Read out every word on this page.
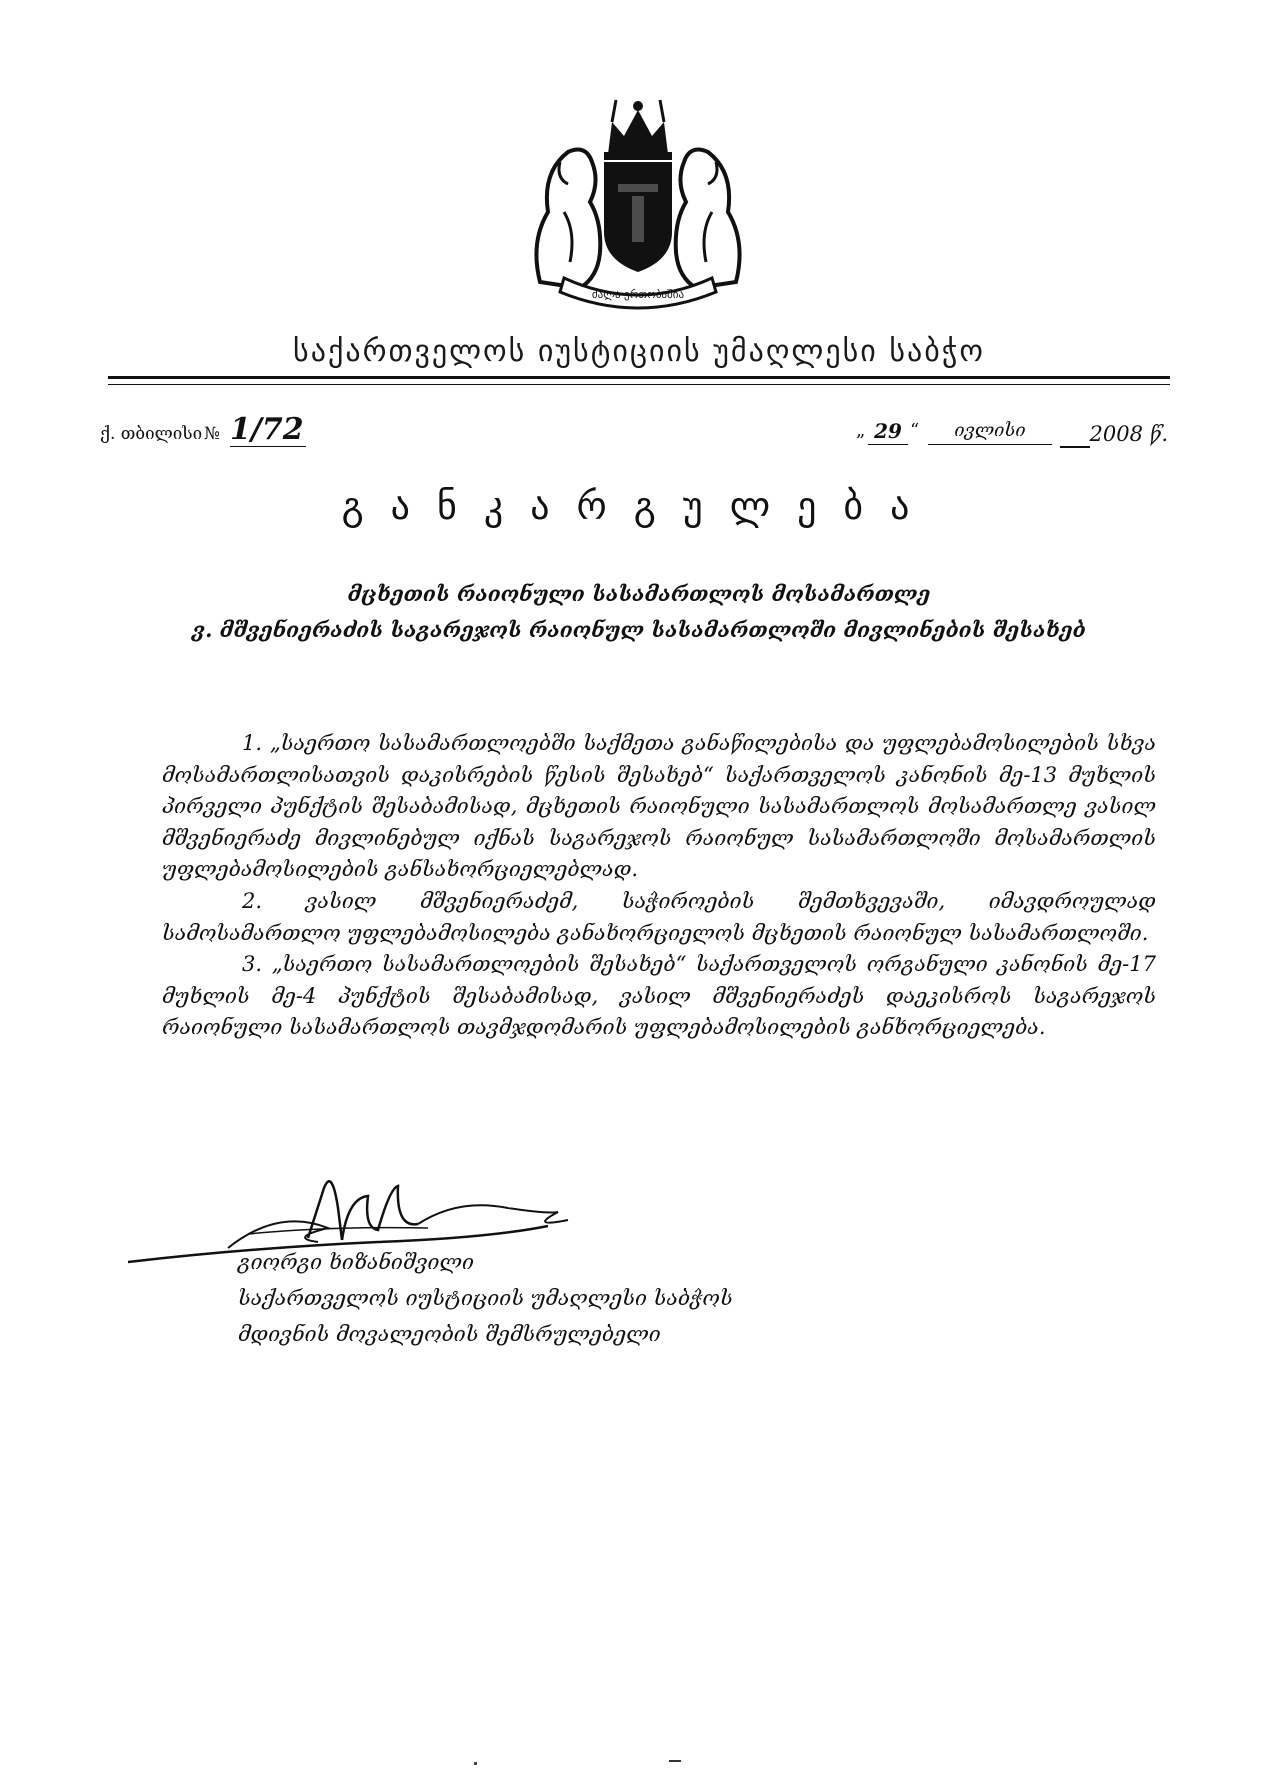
ძალა ერთობაშია
საქართველოს იუსტიციის უმაღლესი საბჭო
ქ. თბილისი № 1/72	„ 29 “	ივლისი	2008 წ.
განკარგულება
მცხეთის რაიონული სასამართლოს მოსამართლე
ვ. მშვენიერაძის საგარეჯოს რაიონულ სასამართლოში მივლინების შესახებ

1. „საერთო სასამართლოებში საქმეთა განაწილებისა და უფლებამოსილების სხვა მოსამართლისათვის დაკისრების წესის შესახებ“ საქართველოს კანონის მე-13 მუხლის პირველი პუნქტის შესაბამისად, მცხეთის რაიონული სასამართლოს მოსამართლე ვასილ მშვენიერაძე მივლინებულ იქნას საგარეჯოს რაიონულ სასამართლოში მოსამართლის უფლებამოსილების განსახორციელებლად.

2. ვასილ მშვენიერაძემ, საჭიროების შემთხვევაში, იმავდროულად სამოსამართლო უფლებამოსილება განახორციელოს მცხეთის რაიონულ სასამართლოში.

3. „საერთო სასამართლოების შესახებ“ საქართველოს ორგანული კანონის მე-17 მუხლის მე-4 პუნქტის შესაბამისად, ვასილ მშვენიერაძეს დაეკისროს საგარეჯოს რაიონული სასამართლოს თავმჯდომარის უფლებამოსილების განხორციელება.

გიორგი ხიზანიშვილი
საქართველოს იუსტიციის უმაღლესი საბჭოს
მდივნის მოვალეობის შემსრულებელი
